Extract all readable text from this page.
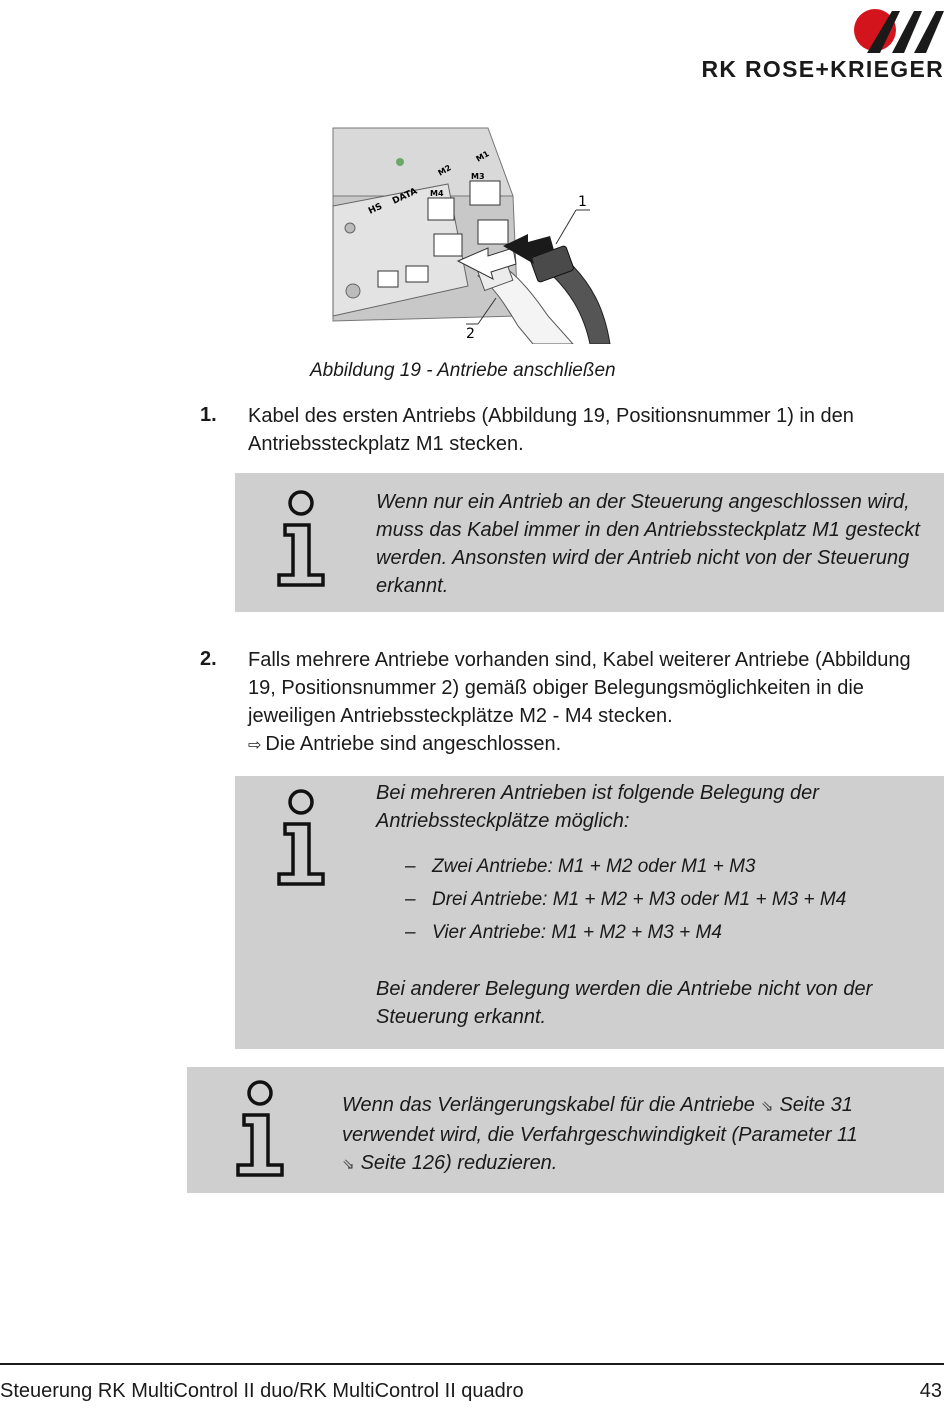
RK ROSE+KRIEGER
HS
DATA M4
M2 M3
M1
1
2
Abbildung 19 - Antriebe anschließen
1. Kabel des ersten Antriebs (Abbildung 19, Positionsnummer 1) in den Antriebssteckplatz M1 stecken.
Wenn nur ein Antrieb an der Steuerung angeschlossen wird, muss das Kabel immer in den Antriebssteckplatz M1 gesteckt werden. Ansonsten wird der Antrieb nicht von der Steuerung erkannt.
2. Falls mehrere Antriebe vorhanden sind, Kabel weiterer Antriebe (Abbildung 19, Positionsnummer 2) gemäß obiger Belegungsmöglichkeiten in die jeweiligen Antriebssteckplätze M2 - M4 stecken.
⇨ Die Antriebe sind angeschlossen.
Bei mehreren Antrieben ist folgende Belegung der Antriebssteckplätze möglich:
– Zwei Antriebe: M1 + M2 oder M1 + M3
– Drei Antriebe: M1 + M2 + M3 oder M1 + M3 + M4
– Vier Antriebe: M1 + M2 + M3 + M4
Bei anderer Belegung werden die Antriebe nicht von der Steuerung erkannt.
Wenn das Verlängerungskabel für die Antriebe ⇘ Seite 31 verwendet wird, die Verfahrgeschwindigkeit (Parameter 11
⇘ Seite 126) reduzieren.
Steuerung RK MultiControl II duo/RK MultiControl II quadro	43
